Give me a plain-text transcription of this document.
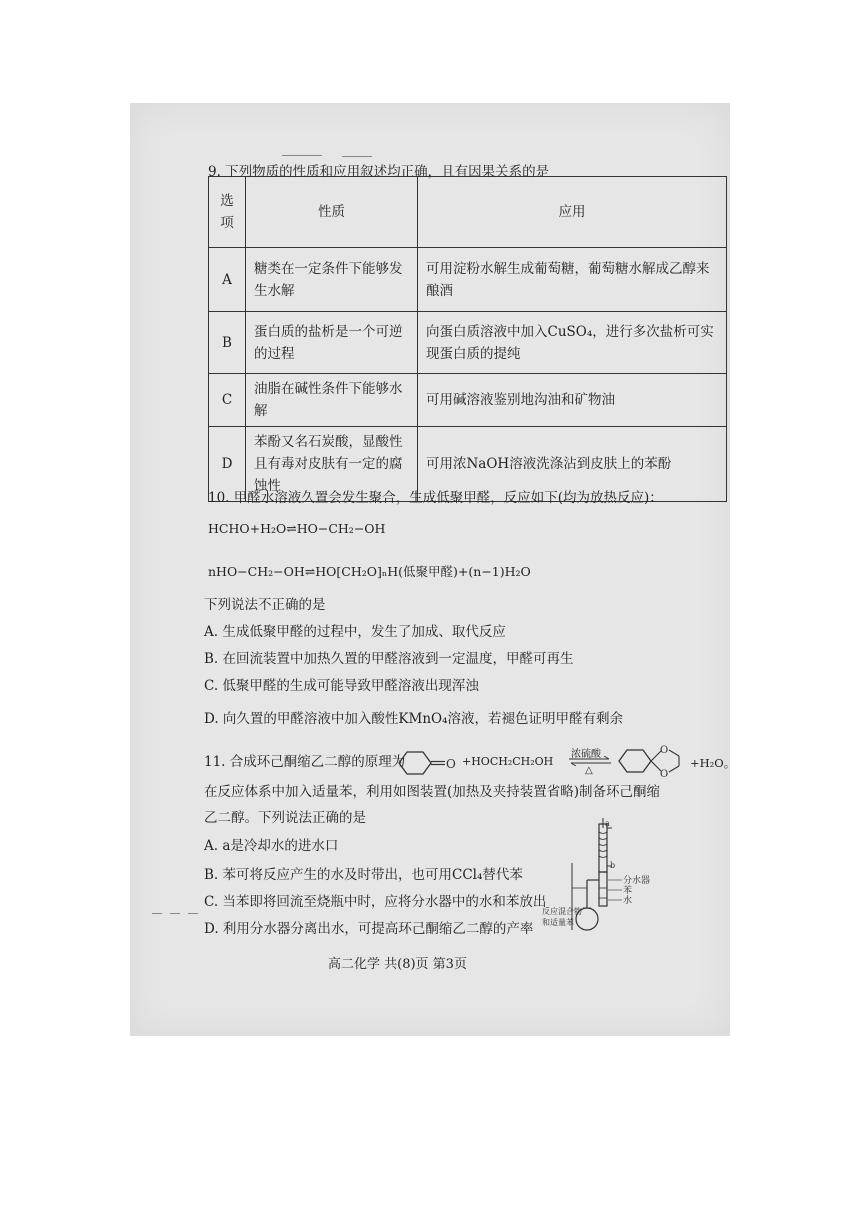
9. 下列物质的性质和应用叙述均正确，且有因果关系的是
选项	性质	应用
A	糖类在一定条件下能够发生水解	可用淀粉水解生成葡萄糖，葡萄糖水解成乙醇来酿酒
B	蛋白质的盐析是一个可逆的过程	向蛋白质溶液中加入CuSO₄，进行多次盐析可实现蛋白质的提纯
C	油脂在碱性条件下能够水解	可用碱溶液鉴别地沟油和矿物油
D	苯酚又名石炭酸，显酸性且有毒对皮肤有一定的腐蚀性	可用浓NaOH溶液洗涤沾到皮肤上的苯酚
10. 甲醛水溶液久置会发生聚合，生成低聚甲醛，反应如下(均为放热反应)：
HCHO+H₂O⇌HO−CH₂−OH
nHO−CH₂−OH⇌HO[CH₂O]ₙH(低聚甲醛)+(n−1)H₂O
下列说法不正确的是
A. 生成低聚甲醛的过程中，发生了加成、取代反应
B. 在回流装置中加热久置的甲醛溶液到一定温度，甲醛可再生
C. 低聚甲醛的生成可能导致甲醛溶液出现浑浊
D. 向久置的甲醛溶液中加入酸性KMnO₄溶液，若褪色证明甲醛有剩余
11. 合成环己酮缩乙二醇的原理为	O +HOCH₂CH₂OH
浓硫酸
△
O
O
+H₂O。
在反应体系中加入适量苯，利用如图装置(加热及夹持装置省略)制备环己酮缩
乙二醇。下列说法正确的是
A. a是冷却水的进水口
B. 苯可将反应产生的水及时带出，也可用CCl₄替代苯
C. 当苯即将回流至烧瓶中时，应将分水器中的水和苯放出
D. 利用分水器分离出水，可提高环己酮缩乙二醇的产率
a
b
分水器
苯
水
反应混合物
和适量苯
高二化学 共(8)页 第3页
